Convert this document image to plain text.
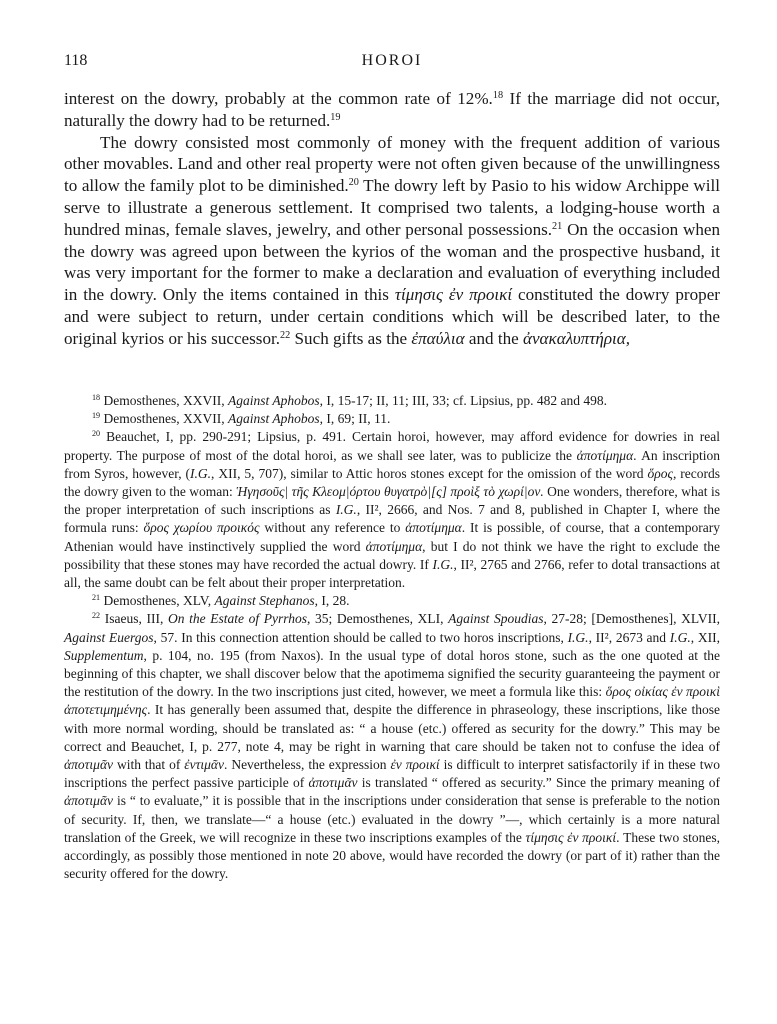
118	HOROI

interest on the dowry, probably at the common rate of 12%.$^{18}$ If the marriage did not occur, naturally the dowry had to be returned.$^{19}$

The dowry consisted most commonly of money with the frequent addition of various other movables. Land and other real property were not often given because of the unwillingness to allow the family plot to be diminished.$^{20}$ The dowry left by Pasio to his widow Archippe will serve to illustrate a generous settlement. It comprised two talents, a lodging-house worth a hundred minas, female slaves, jewelry, and other personal possessions.$^{21}$ On the occasion when the dowry was agreed upon between the kyrios of the woman and the prospective husband, it was very important for the former to make a declaration and evaluation of everything included in the dowry. Only the items contained in this τίμησις ἐν προικί constituted the dowry proper and were subject to return, under certain conditions which will be described later, to the original kyrios or his successor.$^{22}$ Such gifts as the ἐπαύλια and the ἀνακαλυπτήρια,

$^{18}$ Demosthenes, XXVII, Against Aphobos, I, 15-17; II, 11; III, 33; cf. Lipsius, pp. 482 and 498.

$^{19}$ Demosthenes, XXVII, Against Aphobos, I, 69; II, 11.

$^{20}$ Beauchet, I, pp. 290-291; Lipsius, p. 491. Certain horoi, however, may afford evidence for dowries in real property. The purpose of most of the dotal horoi, as we shall see later, was to publicize the ἀποτίμημα. An inscription from Syros, however, (I.G., XII, 5, 707), similar to Attic horos stones except for the omission of the word ὅρος, records the dowry given to the woman: Ἡγησοῦς| τῆς Κλεομ|όρτου θυγατρὸ|[ς] προὶξ τὸ χωρί|ον. One wonders, therefore, what is the proper interpretation of such inscriptions as I.G., II², 2666, and Nos. 7 and 8, published in Chapter I, where the formula runs: ὅρος χωρίου προικός without any reference to ἀποτίμημα. It is possible, of course, that a contemporary Athenian would have instinctively supplied the word ἀποτίμημα, but I do not think we have the right to exclude the possibility that these stones may have recorded the actual dowry. If I.G., II², 2765 and 2766, refer to dotal transactions at all, the same doubt can be felt about their proper interpretation.

$^{21}$ Demosthenes, XLV, Against Stephanos, I, 28.

$^{22}$ Isaeus, III, On the Estate of Pyrrhos, 35; Demosthenes, XLI, Against Spoudias, 27-28; [Demosthenes], XLVII, Against Euergos, 57. In this connection attention should be called to two horos inscriptions, I.G., II², 2673 and I.G., XII, Supplementum, p. 104, no. 195 (from Naxos). In the usual type of dotal horos stone, such as the one quoted at the beginning of this chapter, we shall discover below that the apotimema signified the security guaranteeing the payment or the restitution of the dowry. In the two inscriptions just cited, however, we meet a formula like this: ὅρος οἰκίας ἐν προικὶ ἀποτετιμημένης. It has generally been assumed that, despite the difference in phraseology, these inscriptions, like those with more normal wording, should be translated as: “ a house (etc.) offered as security for the dowry.” This may be correct and Beauchet, I, p. 277, note 4, may be right in warning that care should be taken not to confuse the idea of ἀποτιμᾶν with that of ἐντιμᾶν. Nevertheless, the expression ἐν προικί is difficult to interpret satisfactorily if in these two inscriptions the perfect passive participle of ἀποτιμᾶν is translated “ offered as security.” Since the primary meaning of ἀποτιμᾶν is “ to evaluate,” it is possible that in the inscriptions under consideration that sense is preferable to the notion of security. If, then, we translate—“ a house (etc.) evaluated in the dowry ”—, which certainly is a more natural translation of the Greek, we will recognize in these two inscriptions examples of the τίμησις ἐν προικί. These two stones, accordingly, as possibly those mentioned in note 20 above, would have recorded the dowry (or part of it) rather than the security offered for the dowry.
